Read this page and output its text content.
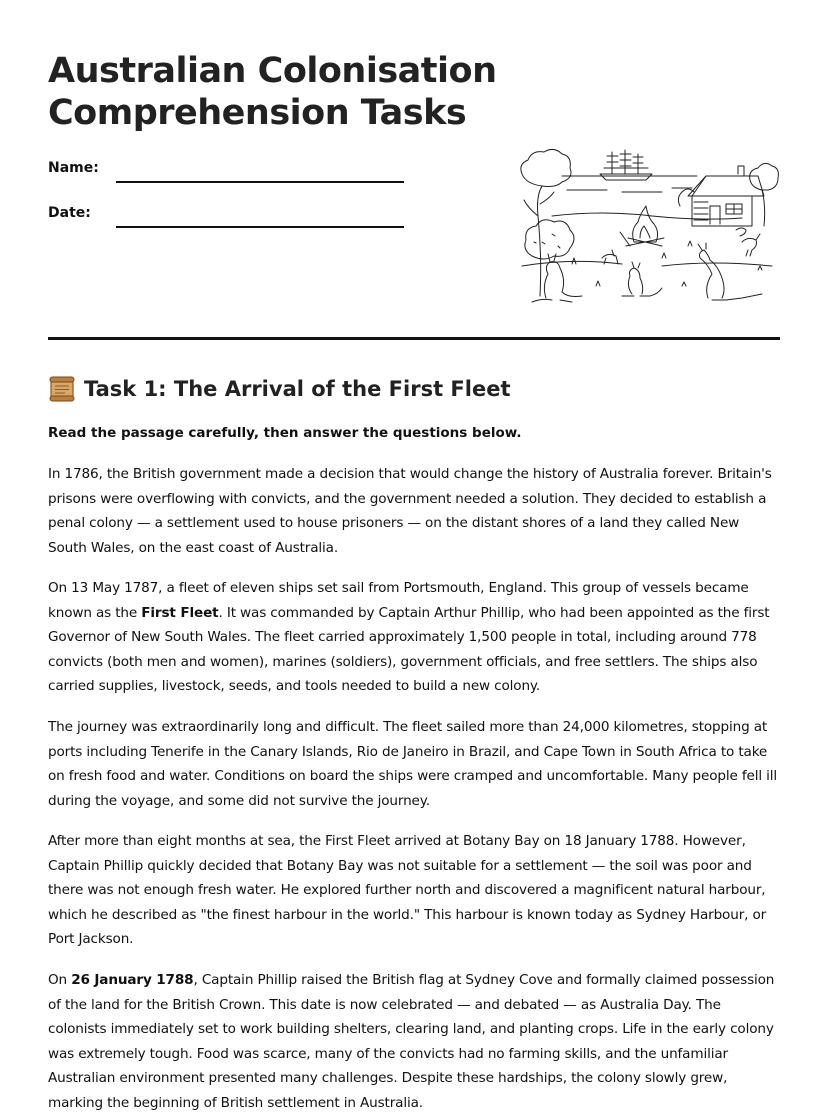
Australian Colonisation
Comprehension Tasks
Name:
Date:
Task 1: The Arrival of the First Fleet
Read the passage carefully, then answer the questions below.

In 1786, the British government made a decision that would change the history of Australia forever. Britain's prisons were overflowing with convicts, and the government needed a solution. They decided to establish a penal colony — a settlement used to house prisoners — on the distant shores of a land they called New South Wales, on the east coast of Australia.

On 13 May 1787, a fleet of eleven ships set sail from Portsmouth, England. This group of vessels became known as the First Fleet. It was commanded by Captain Arthur Phillip, who had been appointed as the first Governor of New South Wales. The fleet carried approximately 1,500 people in total, including around 778 convicts (both men and women), marines (soldiers), government officials, and free settlers. The ships also carried supplies, livestock, seeds, and tools needed to build a new colony.

The journey was extraordinarily long and difficult. The fleet sailed more than 24,000 kilometres, stopping at ports including Tenerife in the Canary Islands, Rio de Janeiro in Brazil, and Cape Town in South Africa to take on fresh food and water. Conditions on board the ships were cramped and uncomfortable. Many people fell ill during the voyage, and some did not survive the journey.

After more than eight months at sea, the First Fleet arrived at Botany Bay on 18 January 1788. However, Captain Phillip quickly decided that Botany Bay was not suitable for a settlement — the soil was poor and there was not enough fresh water. He explored further north and discovered a magnificent natural harbour, which he described as "the finest harbour in the world." This harbour is known today as Sydney Harbour, or Port Jackson.

On 26 January 1788, Captain Phillip raised the British flag at Sydney Cove and formally claimed possession of the land for the British Crown. This date is now celebrated — and debated — as Australia Day. The colonists immediately set to work building shelters, clearing land, and planting crops. Life in the early colony was extremely tough. Food was scarce, many of the convicts had no farming skills, and the unfamiliar Australian environment presented many challenges. Despite these hardships, the colony slowly grew, marking the beginning of British settlement in Australia.
